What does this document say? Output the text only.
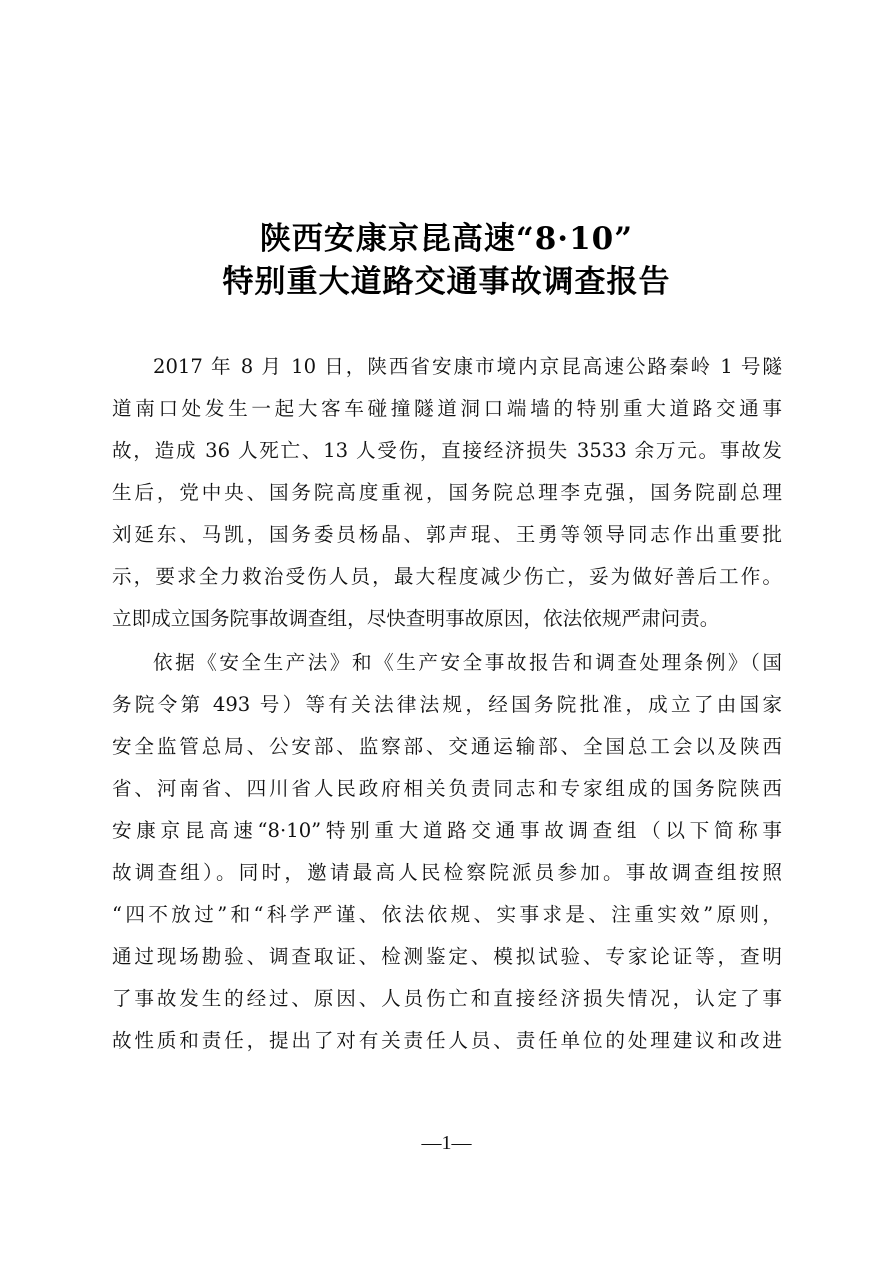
陕西安康京昆高速“8·10”
特别重大道路交通事故调查报告
2017 年 8 月 10 日，陕西省安康市境内京昆高速公路秦岭 1 号隧
道南口处发生一起大客车碰撞隧道洞口端墙的特别重大道路交通事
故，造成 36 人死亡、13 人受伤，直接经济损失 3533 余万元。事故发
生后，党中央、国务院高度重视，国务院总理李克强，国务院副总理
刘延东、马凯，国务委员杨晶、郭声琨、王勇等领导同志作出重要批
示，要求全力救治受伤人员，最大程度减少伤亡，妥为做好善后工作。
立即成立国务院事故调查组，尽快查明事故原因，依法依规严肃问责。
依据《安全生产法》和《生产安全事故报告和调查处理条例》（国
务院令第 493 号）等有关法律法规，经国务院批准，成立了由国家
安全监管总局、公安部、监察部、交通运输部、全国总工会以及陕西
省、河南省、四川省人民政府相关负责同志和专家组成的国务院陕西
安康京昆高速“8·10”特别重大道路交通事故调查组（以下简称事
故调查组）。同时，邀请最高人民检察院派员参加。事故调查组按照
“四不放过”和“科学严谨、依法依规、实事求是、注重实效”原则，
通过现场勘验、调查取证、检测鉴定、模拟试验、专家论证等，查明
了事故发生的经过、原因、人员伤亡和直接经济损失情况，认定了事
故性质和责任，提出了对有关责任人员、责任单位的处理建议和改进
—1—
